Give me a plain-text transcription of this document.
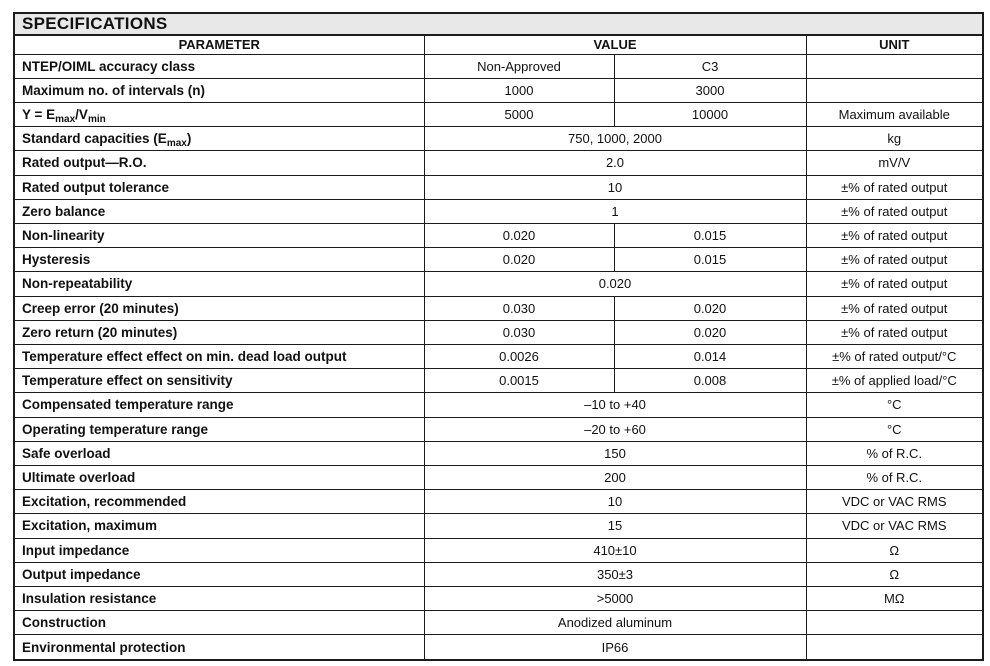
SPECIFICATIONS			
PARAMETER	VALUE		UNIT
NTEP/OIML accuracy class	Non-Approved	C3	
Maximum no. of intervals (n)	1000	3000	
$Y = E_{max}/V_{min}$	5000	10000	Maximum available
Standard capacities $(E_{max})$	750, 1000, 2000		kg
Rated output—R.O.	2.0		mV/V
Rated output tolerance	10		±% of rated output
Zero balance	1		±% of rated output
Non-linearity	0.020	0.015	±% of rated output
Hysteresis	0.020	0.015	±% of rated output
Non-repeatability	0.020		±% of rated output
Creep error (20 minutes)	0.030	0.020	±% of rated output
Zero return (20 minutes)	0.030	0.020	±% of rated output
Temperature effect effect on min. dead load output	0.0026	0.014	±% of rated output/°C
Temperature effect on sensitivity	0.0015	0.008	±% of applied load/°C
Compensated temperature range	–10 to +40		°C
Operating temperature range	–20 to +60		°C
Safe overload	150		% of R.C.
Ultimate overload	200		% of R.C.
Excitation, recommended	10		VDC or VAC RMS
Excitation, maximum	15		VDC or VAC RMS
Input impedance	410±10		Ω
Output impedance	350±3		Ω
Insulation resistance	>5000		MΩ
Construction	Anodized aluminum		
Environmental protection	IP66		
